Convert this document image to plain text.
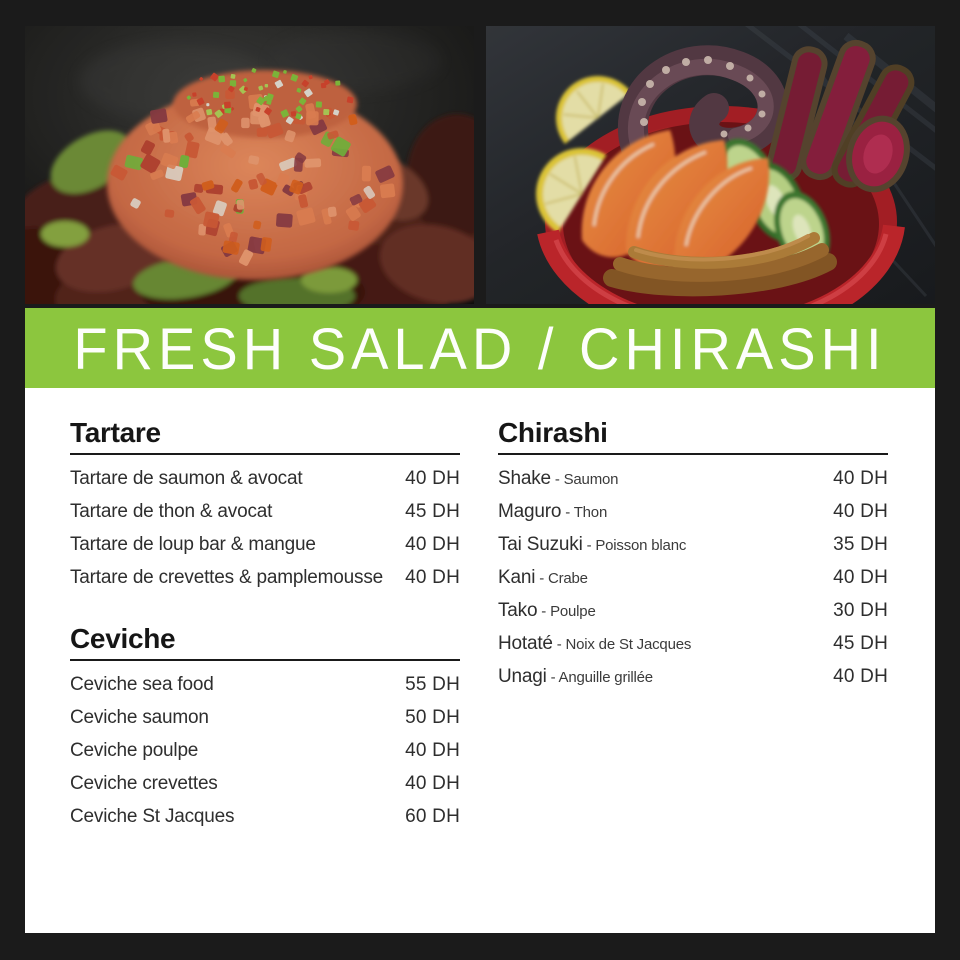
FRESH SALAD / CHIRASHI
Tartare
Tartare de saumon & avocat	40 DH
Tartare de thon & avocat	45 DH
Tartare de loup bar & mangue	40 DH
Tartare de crevettes & pamplemousse	40 DH
Ceviche
Ceviche sea food	55 DH
Ceviche saumon	50 DH
Ceviche poulpe	40 DH
Ceviche crevettes	40 DH
Ceviche St Jacques	60 DH
Chirashi
Shake - Saumon	40 DH
Maguro - Thon	40 DH
Tai Suzuki - Poisson blanc	35 DH
Kani - Crabe	40 DH
Tako - Poulpe	30 DH
Hotaté - Noix de St Jacques	45 DH
Unagi - Anguille grillée	40 DH
